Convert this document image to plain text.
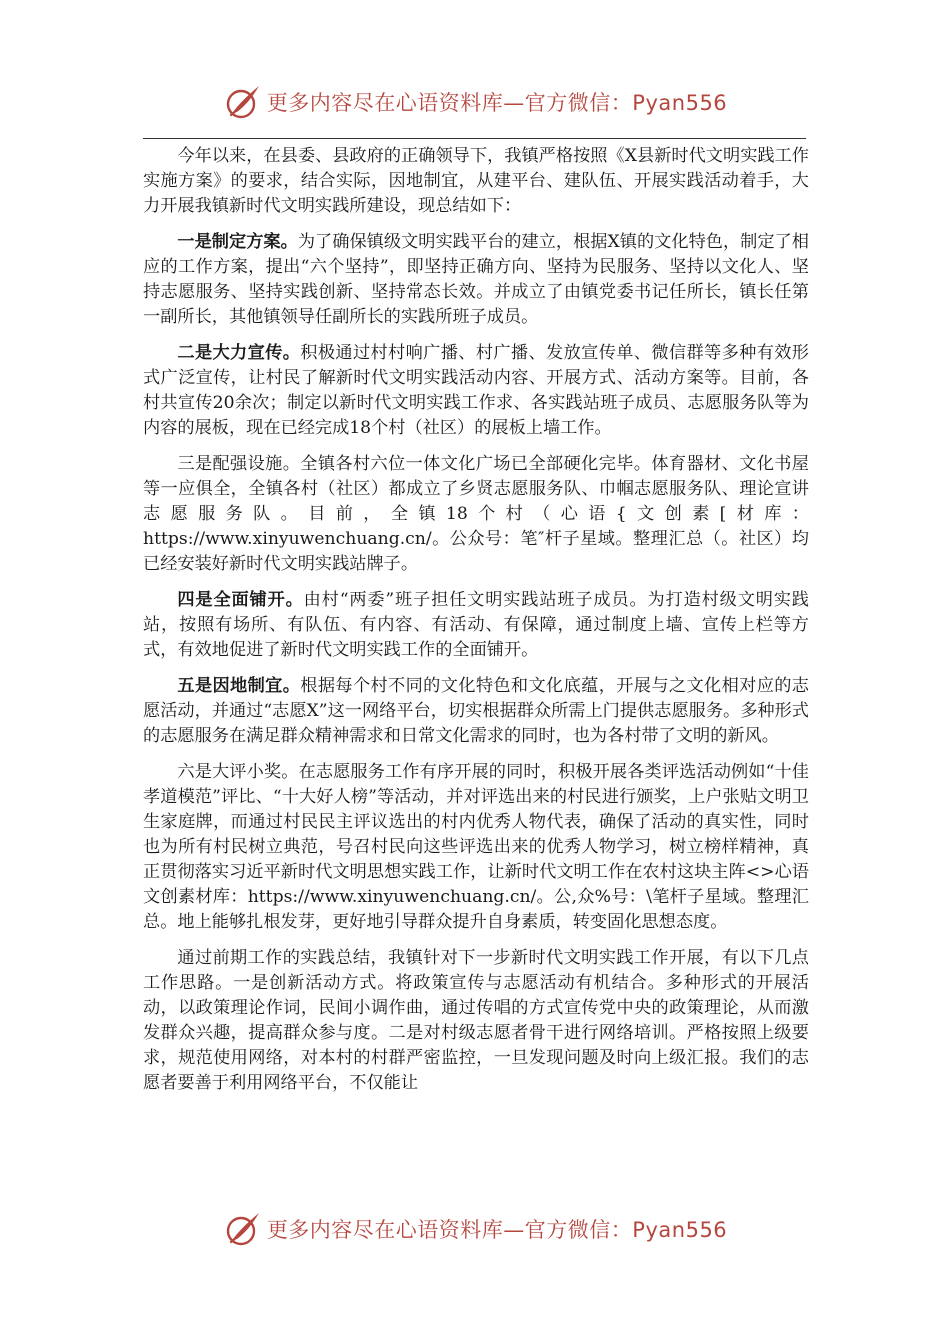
更多内容尽在心语资料库—官方微信：Pyan556

今年以来，在县委、县政府的正确领导下，我镇严格按照《X县新时代文明实践工作实施方案》的要求，结合实际，因地制宜，从建平台、建队伍、开展实践活动着手，大力开展我镇新时代文明实践所建设，现总结如下：

一是制定方案。为了确保镇级文明实践平台的建立，根据X镇的文化特色，制定了相应的工作方案，提出“六个坚持”，即坚持正确方向、坚持为民服务、坚持以文化人、坚持志愿服务、坚持实践创新、坚持常态长效。并成立了由镇党委书记任所长，镇长任第一副所长，其他镇领导任副所长的实践所班子成员。

二是大力宣传。积极通过村村响广播、村广播、发放宣传单、微信群等多种有效形式广泛宣传，让村民了解新时代文明实践活动内容、开展方式、活动方案等。目前，各村共宣传20余次；制定以新时代文明实践工作求、各实践站班子成员、志愿服务队等为内容的展板，现在已经完成18个村（社区）的展板上墙工作。

三是配强设施。全镇各村六位一体文化广场已全部硬化完毕。体育器材、文化书屋等一应俱全，全镇各村（社区）都成立了乡贤志愿服务队、巾帼志愿服务队、理论宣讲志愿服务队。目前，全镇18个村（心语{文创素[材库：https://www.xinyuwenchuang.cn/。公众号：笔″杆子星域。整理汇总（。社区）均已经安装好新时代文明实践站牌子。

四是全面铺开。由村“两委”班子担任文明实践站班子成员。为打造村级文明实践站，按照有场所、有队伍、有内容、有活动、有保障，通过制度上墙、宣传上栏等方式，有效地促进了新时代文明实践工作的全面铺开。

五是因地制宜。根据每个村不同的文化特色和文化底蕴，开展与之文化相对应的志愿活动，并通过“志愿X”这一网络平台，切实根据群众所需上门提供志愿服务。多种形式的志愿服务在满足群众精神需求和日常文化需求的同时，也为各村带了文明的新风。

六是大评小奖。在志愿服务工作有序开展的同时，积极开展各类评选活动例如“十佳孝道模范”评比、“十大好人榜”等活动，并对评选出来的村民进行颁奖，上户张贴文明卫生家庭牌，而通过村民民主评议选出的村内优秀人物代表，确保了活动的真实性，同时也为所有村民树立典范，号召村民向这些评选出来的优秀人物学习，树立榜样精神，真正贯彻落实习近平新时代文明思想实践工作，让新时代文明工作在农村这块主阵<>心语文创素材库：https://www.xinyuwenchuang.cn/。公,众%号：\笔杆子星域。整理汇总。地上能够扎根发芽，更好地引导群众提升自身素质，转变固化思想态度。

通过前期工作的实践总结，我镇针对下一步新时代文明实践工作开展，有以下几点工作思路。一是创新活动方式。将政策宣传与志愿活动有机结合。多种形式的开展活动，以政策理论作词，民间小调作曲，通过传唱的方式宣传党中央的政策理论，从而激发群众兴趣，提高群众参与度。二是对村级志愿者骨干进行网络培训。严格按照上级要求，规范使用网络，对本村的村群严密监控，一旦发现问题及时向上级汇报。我们的志愿者要善于利用网络平台，不仅能让

更多内容尽在心语资料库—官方微信：Pyan556
